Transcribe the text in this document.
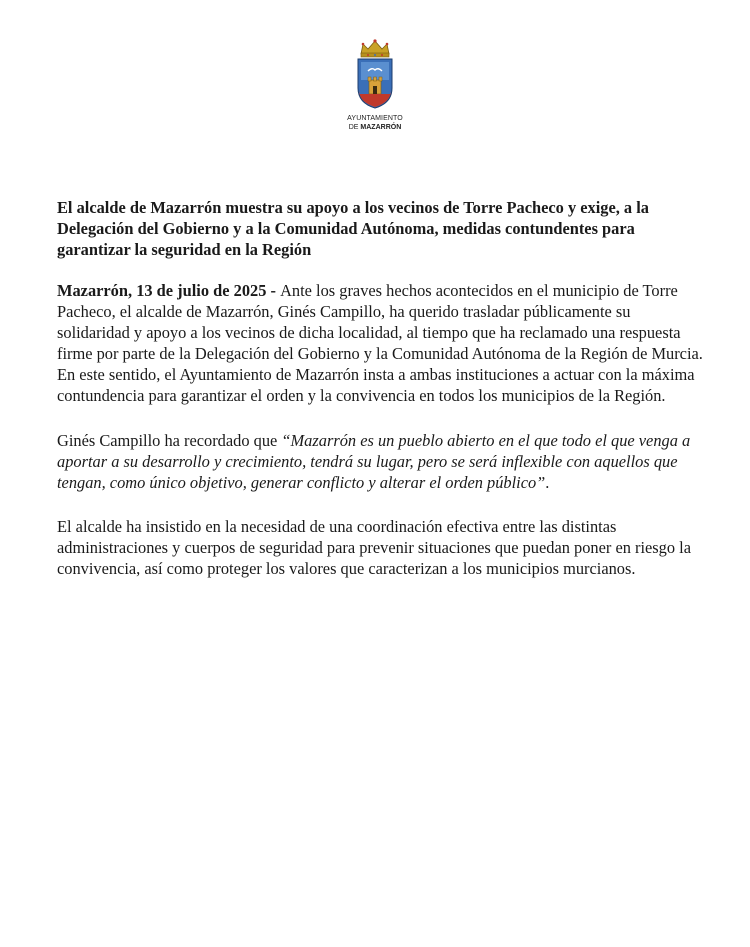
AYUNTAMIENTO
DE MAZARRÓN
El alcalde de Mazarrón muestra su apoyo a los vecinos de Torre Pacheco y exige, a la Delegación del Gobierno y a la Comunidad Autónoma, medidas contundentes para garantizar la seguridad en la Región

Mazarrón, 13 de julio de 2025 - Ante los graves hechos acontecidos en el municipio de Torre Pacheco, el alcalde de Mazarrón, Ginés Campillo, ha querido trasladar públicamente su solidaridad y apoyo a los vecinos de dicha localidad, al tiempo que ha reclamado una respuesta firme por parte de la Delegación del Gobierno y la Comunidad Autónoma de la Región de Murcia. En este sentido, el Ayuntamiento de Mazarrón insta a ambas instituciones a actuar con la máxima contundencia para garantizar el orden y la convivencia en todos los municipios de la Región.

Ginés Campillo ha recordado que “Mazarrón es un pueblo abierto en el que todo el que venga a aportar a su desarrollo y crecimiento, tendrá su lugar, pero se será inflexible con aquellos que tengan, como único objetivo, generar conflicto y alterar el orden público”.

El alcalde ha insistido en la necesidad de una coordinación efectiva entre las distintas administraciones y cuerpos de seguridad para prevenir situaciones que puedan poner en riesgo la convivencia, así como proteger los valores que caracterizan a los municipios murcianos.
